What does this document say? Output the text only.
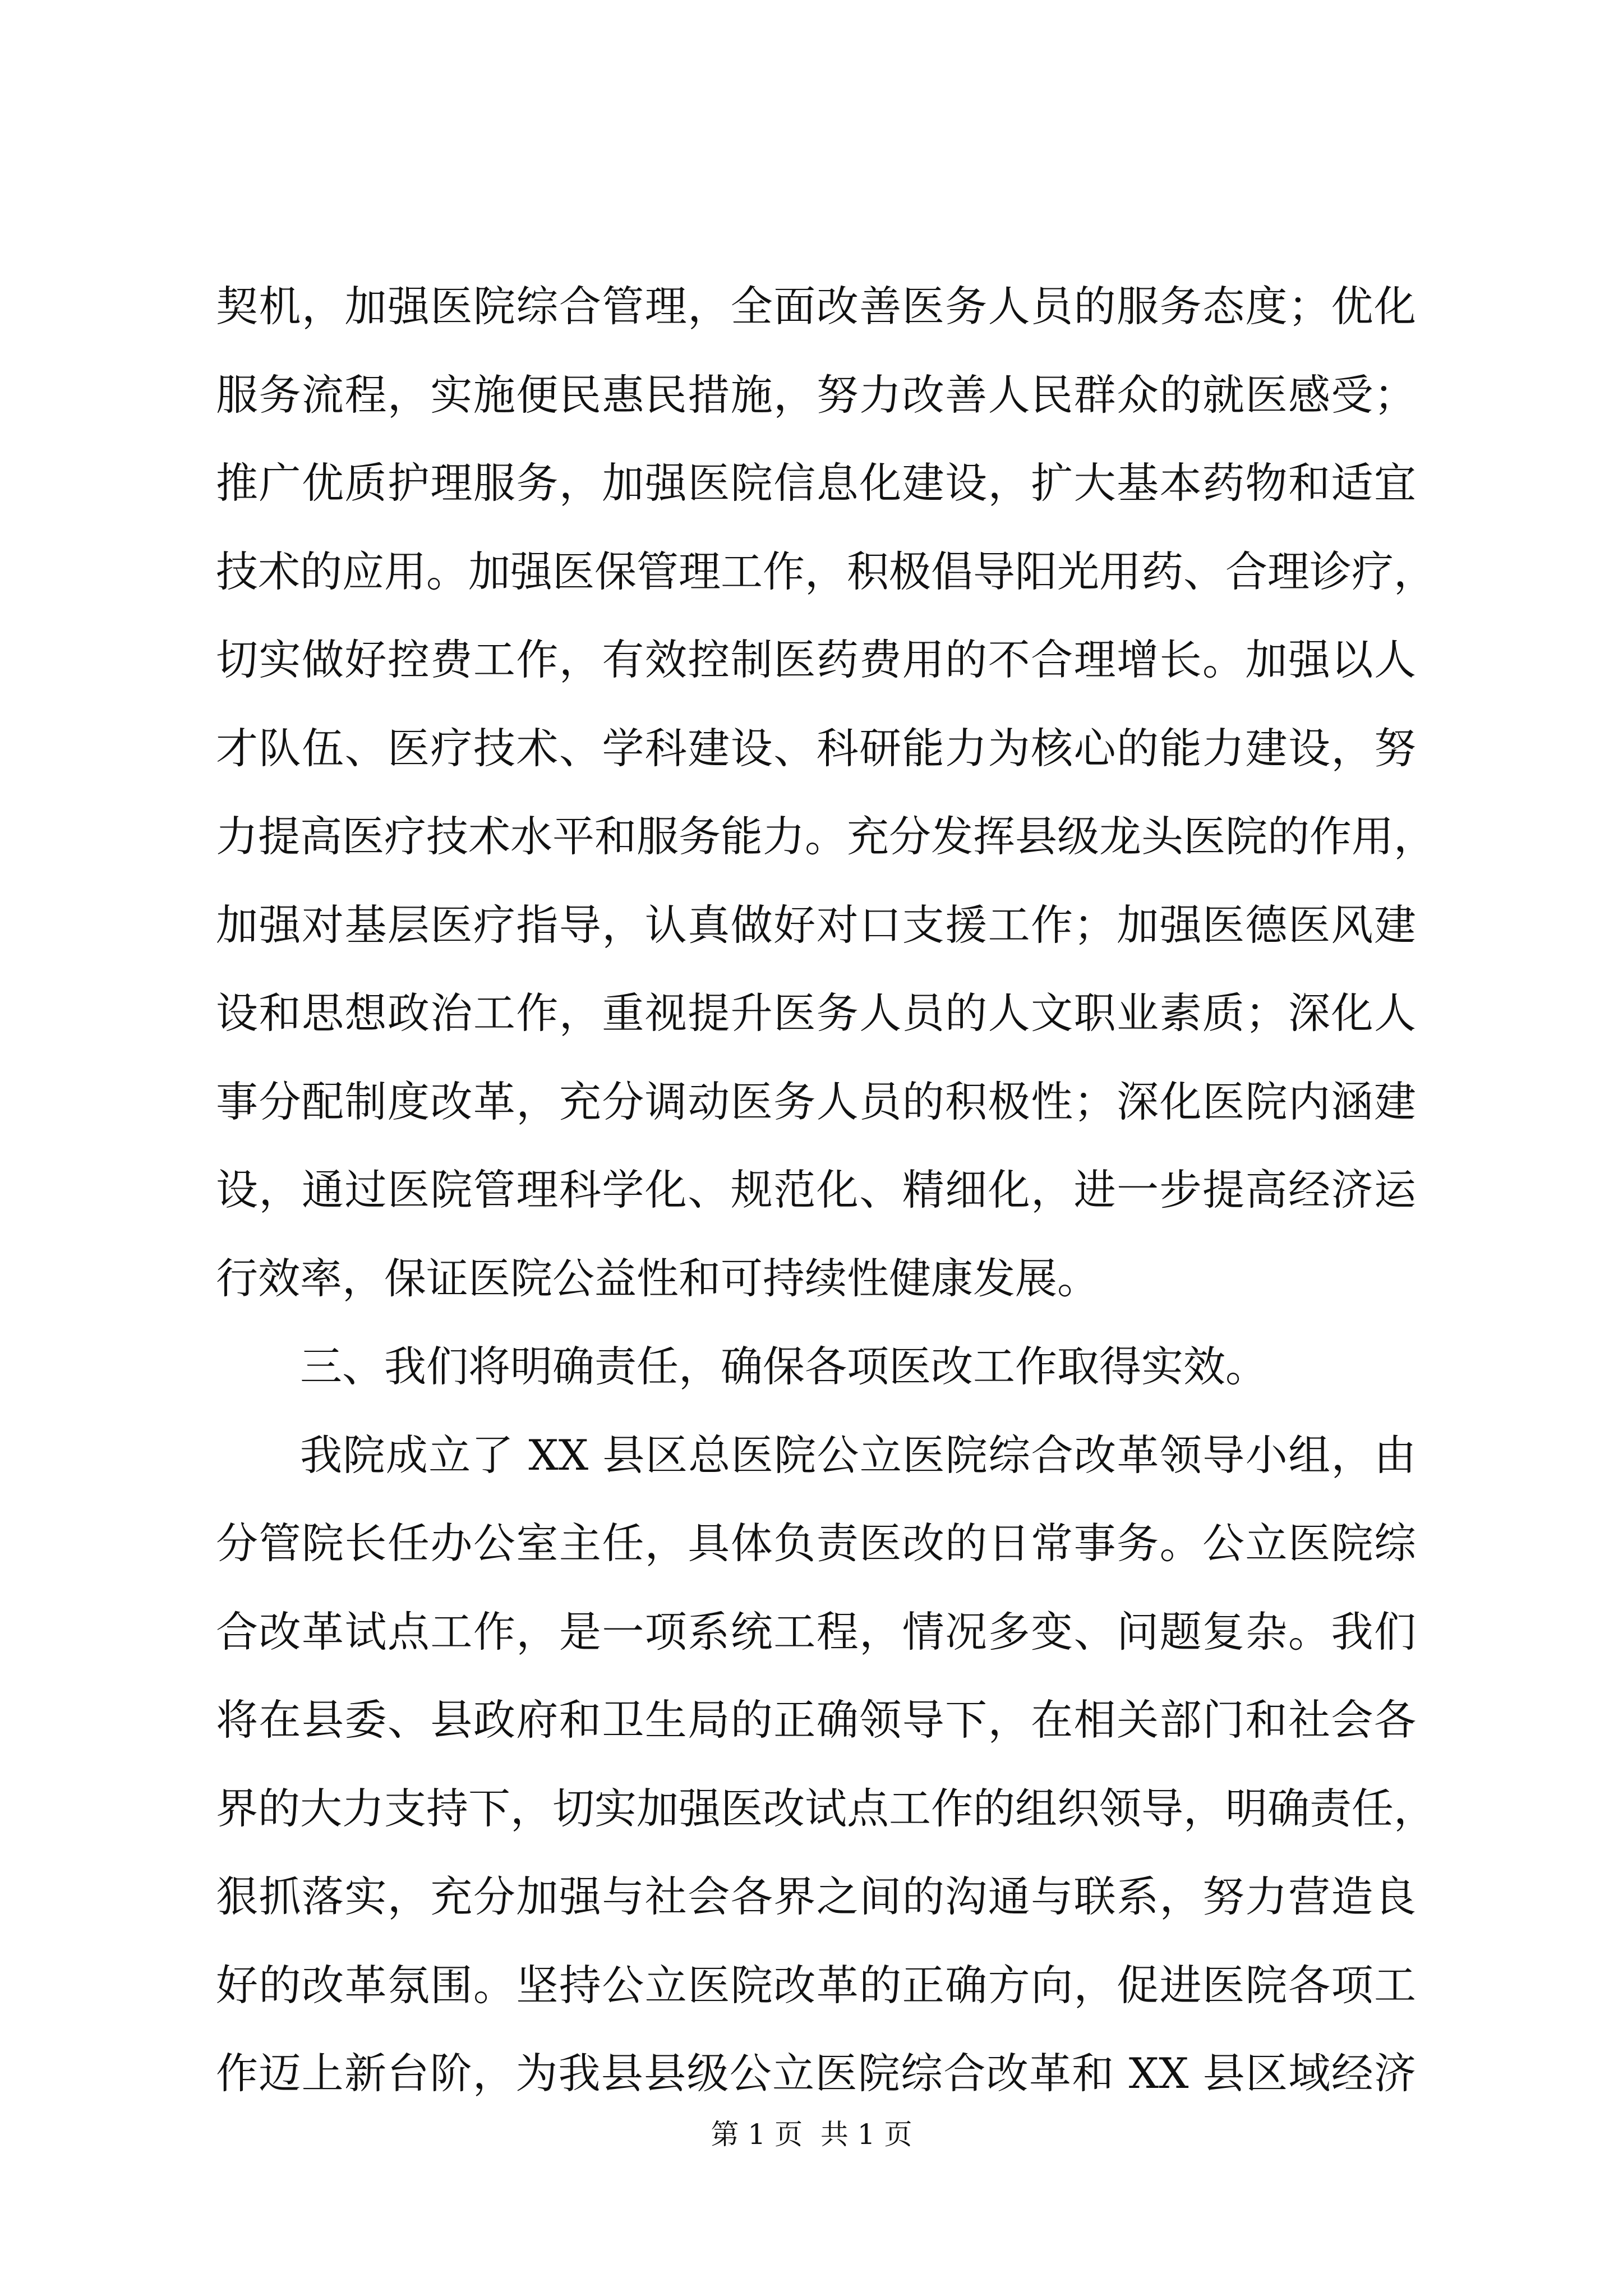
契机，加强医院综合管理，全面改善医务人员的服务态度；优化
服务流程，实施便民惠民措施，努力改善人民群众的就医感受；
推广优质护理服务，加强医院信息化建设，扩大基本药物和适宜
技术的应用。加强医保管理工作，积极倡导阳光用药、合理诊疗，
切实做好控费工作，有效控制医药费用的不合理增长。加强以人
才队伍、医疗技术、学科建设、科研能力为核心的能力建设，努
力提高医疗技术水平和服务能力。充分发挥县级龙头医院的作用，
加强对基层医疗指导，认真做好对口支援工作；加强医德医风建
设和思想政治工作，重视提升医务人员的人文职业素质；深化人
事分配制度改革，充分调动医务人员的积极性；深化医院内涵建
设，通过医院管理科学化、规范化、精细化，进一步提高经济运
行效率，保证医院公益性和可持续性健康发展。
三、我们将明确责任，确保各项医改工作取得实效。
我院成立了 XX 县区总医院公立医院综合改革领导小组，由
分管院长任办公室主任，具体负责医改的日常事务。公立医院综
合改革试点工作，是一项系统工程，情况多变、问题复杂。我们
将在县委、县政府和卫生局的正确领导下，在相关部门和社会各
界的大力支持下，切实加强医改试点工作的组织领导，明确责任，
狠抓落实，充分加强与社会各界之间的沟通与联系，努力营造良
好的改革氛围。坚持公立医院改革的正确方向，促进医院各项工
作迈上新台阶，为我县县级公立医院综合改革和 XX 县区域经济
第 1 页  共 1 页
